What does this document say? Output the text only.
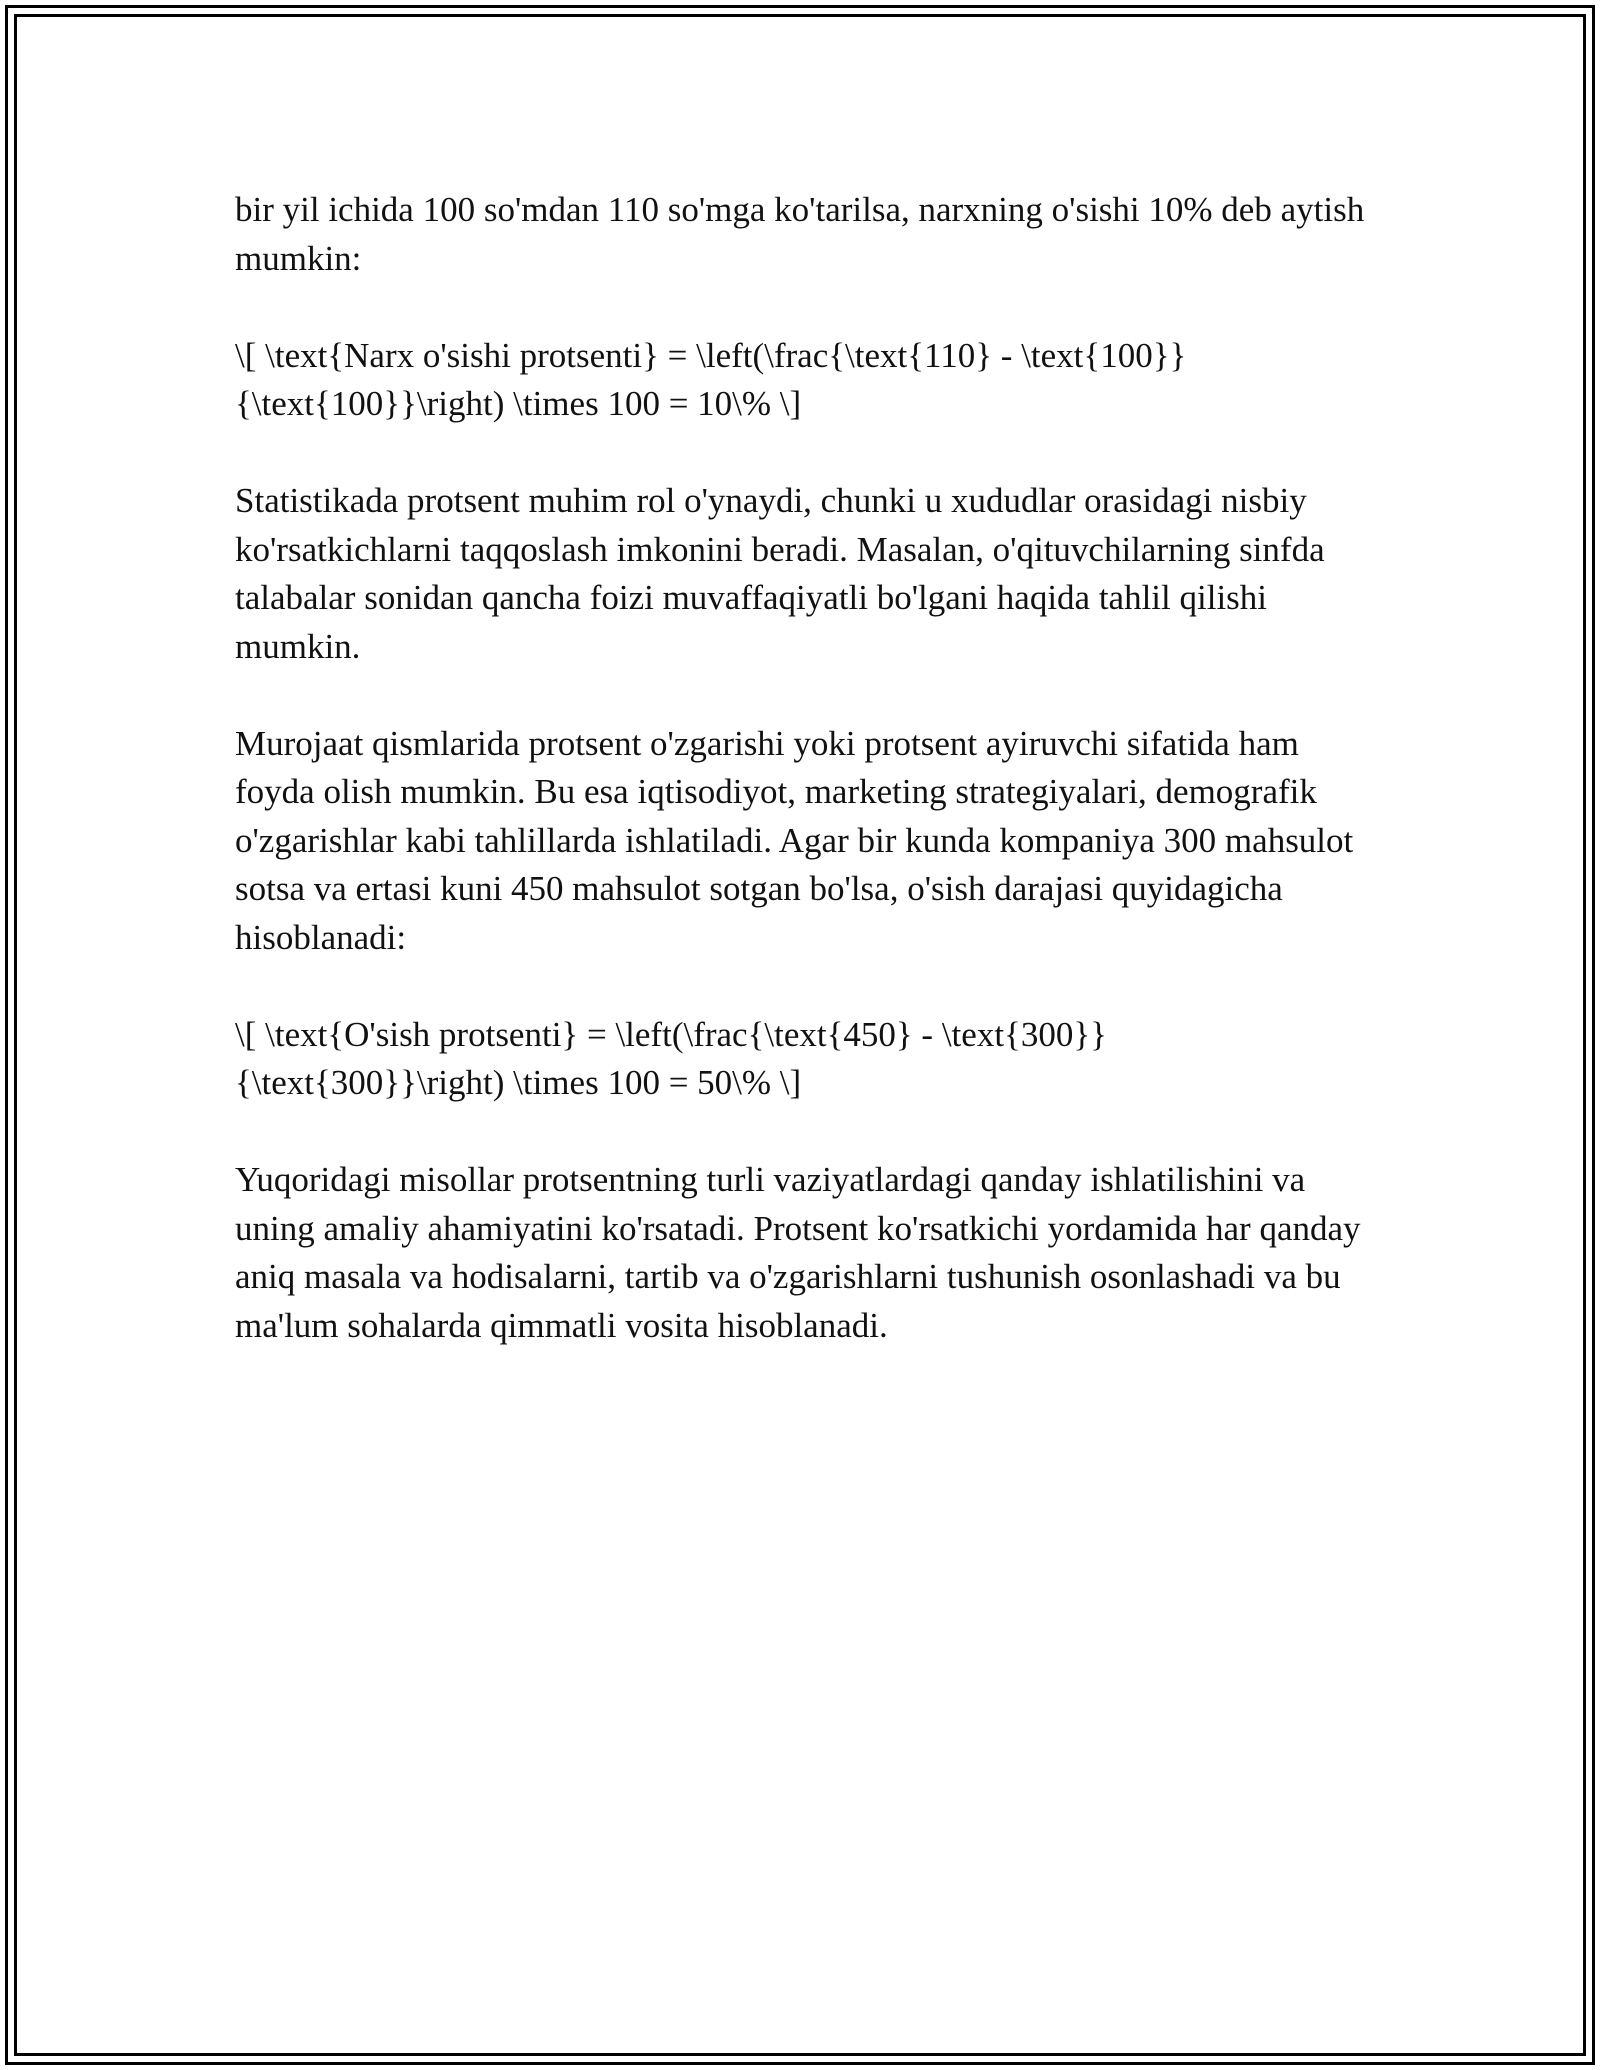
bir yil ichida 100 so'mdan 110 so'mga ko'tarilsa, narxning o'sishi 10% deb aytish mumkin:

\[ \text{Narx o'sishi protsenti} = \left(\frac{\text{110} - \text{100}}{\text{100}}\right) \times 100 = 10\% \]

Statistikada protsent muhim rol o'ynaydi, chunki u xududlar orasidagi nisbiy ko'rsatkichlarni taqqoslash imkonini beradi. Masalan, o'qituvchilarning sinfda talabalar sonidan qancha foizi muvaffaqiyatli bo'lgani haqida tahlil qilishi mumkin.

Murojaat qismlarida protsent o'zgarishi yoki protsent ayiruvchi sifatida ham foyda olish mumkin. Bu esa iqtisodiyot, marketing strategiyalari, demografik o'zgarishlar kabi tahlillarda ishlatiladi. Agar bir kunda kompaniya 300 mahsulot sotsa va ertasi kuni 450 mahsulot sotgan bo'lsa, o'sish darajasi quyidagicha hisoblanadi:

\[ \text{O'sish protsenti} = \left(\frac{\text{450} - \text{300}}{\text{300}}\right) \times 100 = 50\% \]

Yuqoridagi misollar protsentning turli vaziyatlardagi qanday ishlatilishini va uning amaliy ahamiyatini ko'rsatadi. Protsent ko'rsatkichi yordamida har qanday aniq masala va hodisalarni, tartib va o'zgarishlarni tushunish osonlashadi va bu ma'lum sohalarda qimmatli vosita hisoblanadi.
